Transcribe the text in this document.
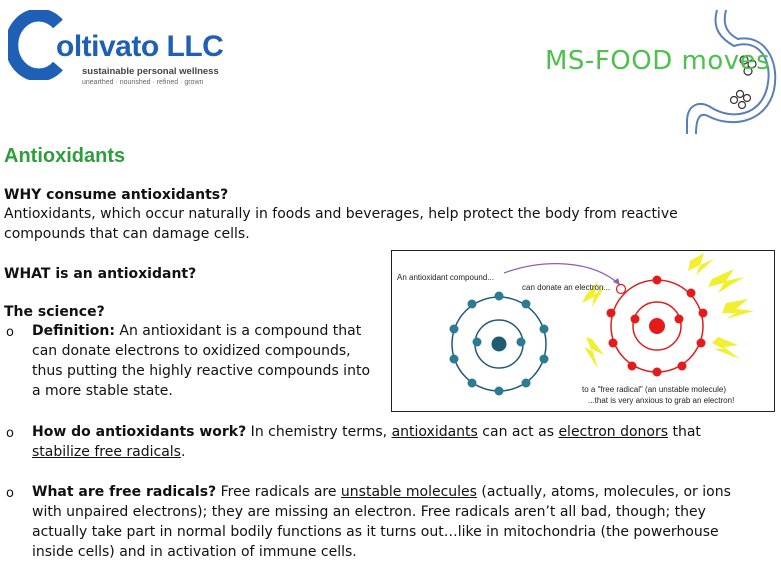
oltivato LLC
sustainable personal wellness
unearthed · nourished · refined · grown
MS-FOOD moves
Antioxidants
WHY consume antioxidants?
Antioxidants, which occur naturally in foods and beverages, help protect the body from reactive
compounds that can damage cells.
WHAT is an antioxidant?
The science?
o Definition: An antioxidant is a compound that
can donate electrons to oxidized compounds,
thus putting the highly reactive compounds into
a more stable state.
o How do antioxidants work? In chemistry terms, antioxidants can act as electron donors that
stabilize free radicals.
o What are free radicals? Free radicals are unstable molecules (actually, atoms, molecules, or ions
with unpaired electrons); they are missing an electron. Free radicals aren’t all bad, though; they
actually take part in normal bodily functions as it turns out…like in mitochondria (the powerhouse
inside cells) and in activation of immune cells.
An antioxidant compound...
can donate an electron...
to a "free radical" (an unstable molecule)
...that is very anxious to grab an electron!
